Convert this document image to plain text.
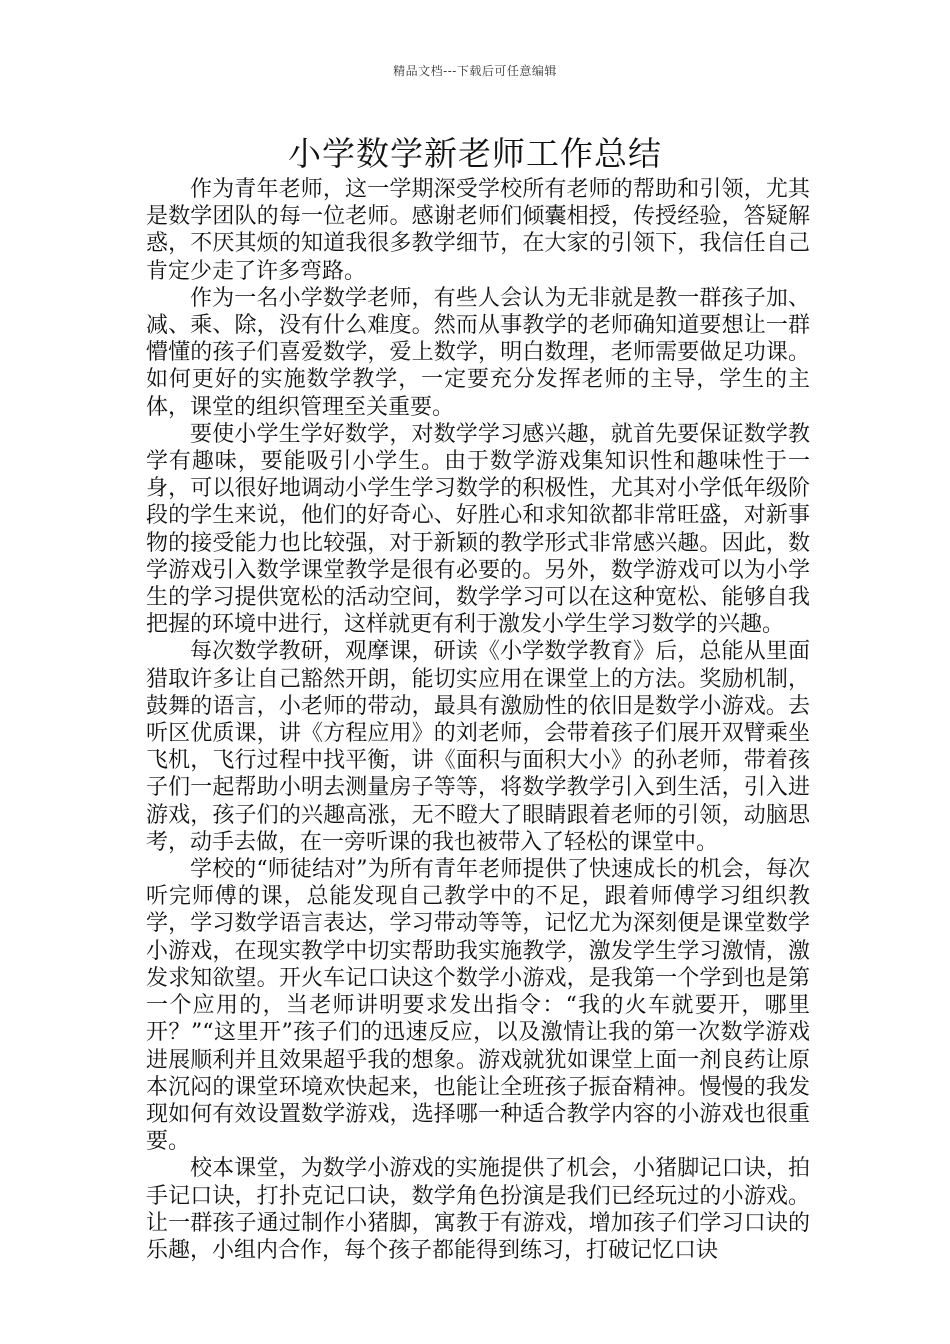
精品文档---下载后可任意编辑
小学数学新老师工作总结

作为青年老师，这一学期深受学校所有老师的帮助和引领，尤其是数学团队的每一位老师。感谢老师们倾囊相授，传授经验，答疑解惑，不厌其烦的知道我很多教学细节，在大家的引领下，我信任自己肯定少走了许多弯路。

作为一名小学数学老师，有些人会认为无非就是教一群孩子加、减、乘、除，没有什么难度。然而从事教学的老师确知道要想让一群懵懂的孩子们喜爱数学，爱上数学，明白数理，老师需要做足功课。如何更好的实施数学教学，一定要充分发挥老师的主导，学生的主体，课堂的组织管理至关重要。

要使小学生学好数学，对数学学习感兴趣，就首先要保证数学教学有趣味，要能吸引小学生。由于数学游戏集知识性和趣味性于一身，可以很好地调动小学生学习数学的积极性，尤其对小学低年级阶段的学生来说，他们的好奇心、好胜心和求知欲都非常旺盛，对新事物的接受能力也比较强，对于新颖的教学形式非常感兴趣。因此，数学游戏引入数学课堂教学是很有必要的。另外，数学游戏可以为小学生的学习提供宽松的活动空间，数学学习可以在这种宽松、能够自我把握的环境中进行，这样就更有利于激发小学生学习数学的兴趣。

每次数学教研，观摩课，研读《小学数学教育》后，总能从里面猎取许多让自己豁然开朗，能切实应用在课堂上的方法。奖励机制，鼓舞的语言，小老师的带动，最具有激励性的依旧是数学小游戏。去听区优质课，讲《方程应用》的刘老师，会带着孩子们展开双臂乘坐飞机，飞行过程中找平衡，讲《面积与面积大小》的孙老师，带着孩子们一起帮助小明去测量房子等等，将数学教学引入到生活，引入进游戏，孩子们的兴趣高涨，无不瞪大了眼睛跟着老师的引领，动脑思考，动手去做，在一旁听课的我也被带入了轻松的课堂中。

学校的“师徒结对”为所有青年老师提供了快速成长的机会，每次听完师傅的课，总能发现自己教学中的不足，跟着师傅学习组织教学，学习数学语言表达，学习带动等等，记忆尤为深刻便是课堂数学小游戏，在现实教学中切实帮助我实施教学，激发学生学习激情，激发求知欲望。开火车记口诀这个数学小游戏，是我第一个学到也是第一个应用的，当老师讲明要求发出指令：“我的火车就要开，哪里开？”“这里开”孩子们的迅速反应，以及激情让我的第一次数学游戏进展顺利并且效果超乎我的想象。游戏就犹如课堂上面一剂良药让原本沉闷的课堂环境欢快起来，也能让全班孩子振奋精神。慢慢的我发现如何有效设置数学游戏，选择哪一种适合教学内容的小游戏也很重要。

校本课堂，为数学小游戏的实施提供了机会，小猪脚记口诀，拍手记口诀，打扑克记口诀，数学角色扮演是我们已经玩过的小游戏。让一群孩子通过制作小猪脚，寓教于有游戏，增加孩子们学习口诀的乐趣，小组内合作，每个孩子都能得到练习，打破记忆口诀
